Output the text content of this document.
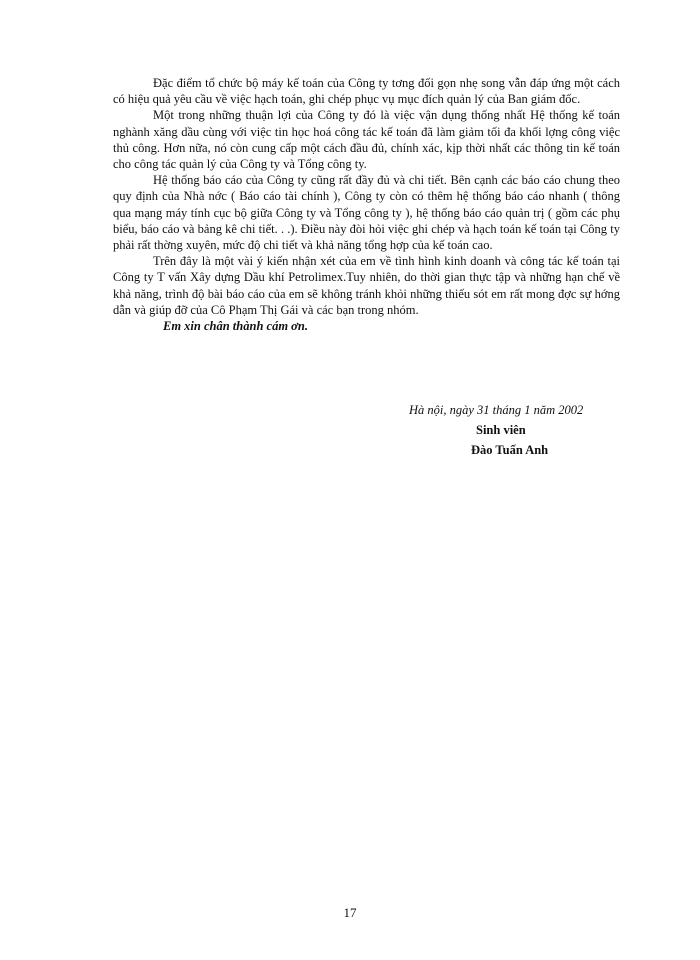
Đặc điểm tổ chức bộ máy kế toán của Công ty tơng đối gọn nhẹ song vẫn đáp ứng một cách có hiệu quả yêu cầu về việc hạch toán, ghi chép phục vụ mục đích quản lý của Ban giám đốc.

Một trong những thuận lợi của Công ty đó là việc vận dụng thống nhất Hệ thống kế toán nghành xăng dầu cùng với việc tin học hoá công tác kế toán đã làm giảm tối đa khối lợng công việc thủ công. Hơn nữa, nó còn cung cấp một cách đầu đủ, chính xác, kịp thời nhất các thông tin kế toán cho công tác quản lý của Công ty và Tổng công ty.

Hệ thống báo cáo của Công ty cũng rất đầy đủ và chi tiết. Bên cạnh các báo cáo chung theo quy định của Nhà nớc ( Báo cáo tài chính ), Công ty còn có thêm hệ thống báo cáo nhanh ( thông qua mạng máy tính cục bộ giữa Công ty và Tổng công ty ), hệ thống báo cáo quản trị ( gồm các phụ biểu, báo cáo và bảng kê chi tiết. . .). Điều này đòi hỏi việc ghi chép và hạch toán kế toán tại Công ty phải rất thờng xuyên, mức độ chi tiết và khả năng tổng hợp của kế toán cao.

Trên đây là một vài ý kiến nhận xét của em về tình hình kinh doanh và công tác kế toán tại Công ty T vấn Xây dựng Dầu khí Petrolimex.Tuy nhiên, do thời gian thực tập và những hạn chế về khả năng, trình độ bài báo cáo của em sẽ không tránh khỏi những thiếu sót em rất mong đợc sự hớng dẫn và giúp đỡ của Cô Phạm Thị Gái và các bạn trong nhóm.

Em xin chân thành cám ơn.

Hà nội, ngày 31 tháng 1 năm 2002
Sinh viên
Đào Tuấn Anh
17
